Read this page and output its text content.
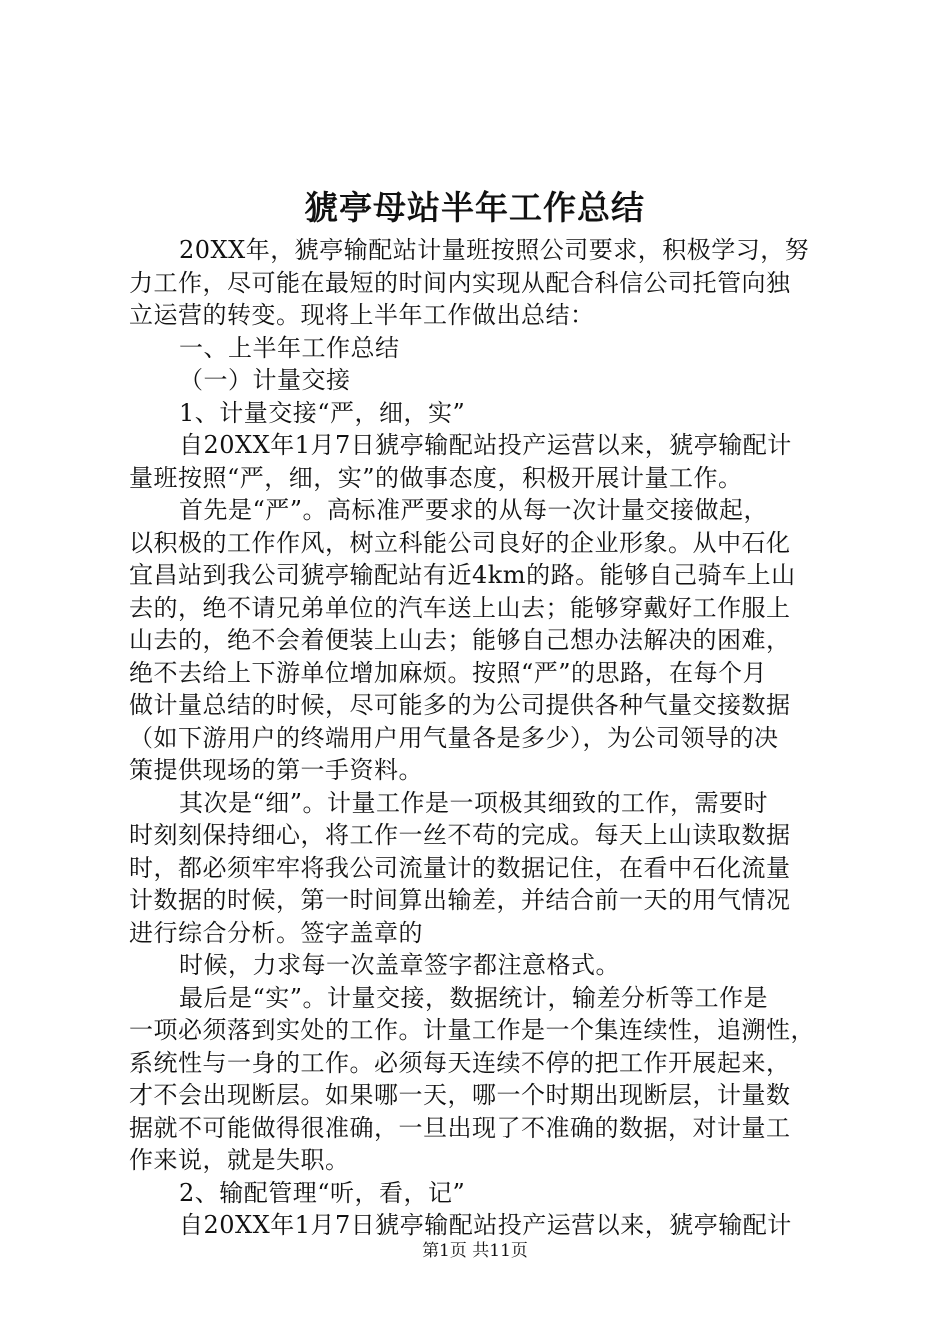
猇亭母站半年工作总结
20XX年，猇亭输配站计量班按照公司要求，积极学习，努
力工作，尽可能在最短的时间内实现从配合科信公司托管向独
立运营的转变。现将上半年工作做出总结：
一、上半年工作总结
（一）计量交接
1、计量交接“严，细，实”
自20XX年1月7日猇亭输配站投产运营以来，猇亭输配计
量班按照“严，细，实”的做事态度，积极开展计量工作。
首先是“严”。高标准严要求的从每一次计量交接做起，
以积极的工作作风，树立科能公司良好的企业形象。从中石化
宜昌站到我公司猇亭输配站有近4km的路。能够自己骑车上山
去的，绝不请兄弟单位的汽车送上山去；能够穿戴好工作服上
山去的，绝不会着便装上山去；能够自己想办法解决的困难，
绝不去给上下游单位增加麻烦。按照“严”的思路，在每个月
做计量总结的时候，尽可能多的为公司提供各种气量交接数据
（如下游用户的终端用户用气量各是多少），为公司领导的决
策提供现场的第一手资料。
其次是“细”。计量工作是一项极其细致的工作，需要时
时刻刻保持细心，将工作一丝不苟的完成。每天上山读取数据
时，都必须牢牢将我公司流量计的数据记住，在看中石化流量
计数据的时候，第一时间算出输差，并结合前一天的用气情况
进行综合分析。签字盖章的
时候，力求每一次盖章签字都注意格式。
最后是“实”。计量交接，数据统计，输差分析等工作是
一项必须落到实处的工作。计量工作是一个集连续性，追溯性，
系统性与一身的工作。必须每天连续不停的把工作开展起来，
才不会出现断层。如果哪一天，哪一个时期出现断层，计量数
据就不可能做得很准确，一旦出现了不准确的数据，对计量工
作来说，就是失职。
2、输配管理“听，看，记”
自20XX年1月7日猇亭输配站投产运营以来，猇亭输配计
第1页 共11页
